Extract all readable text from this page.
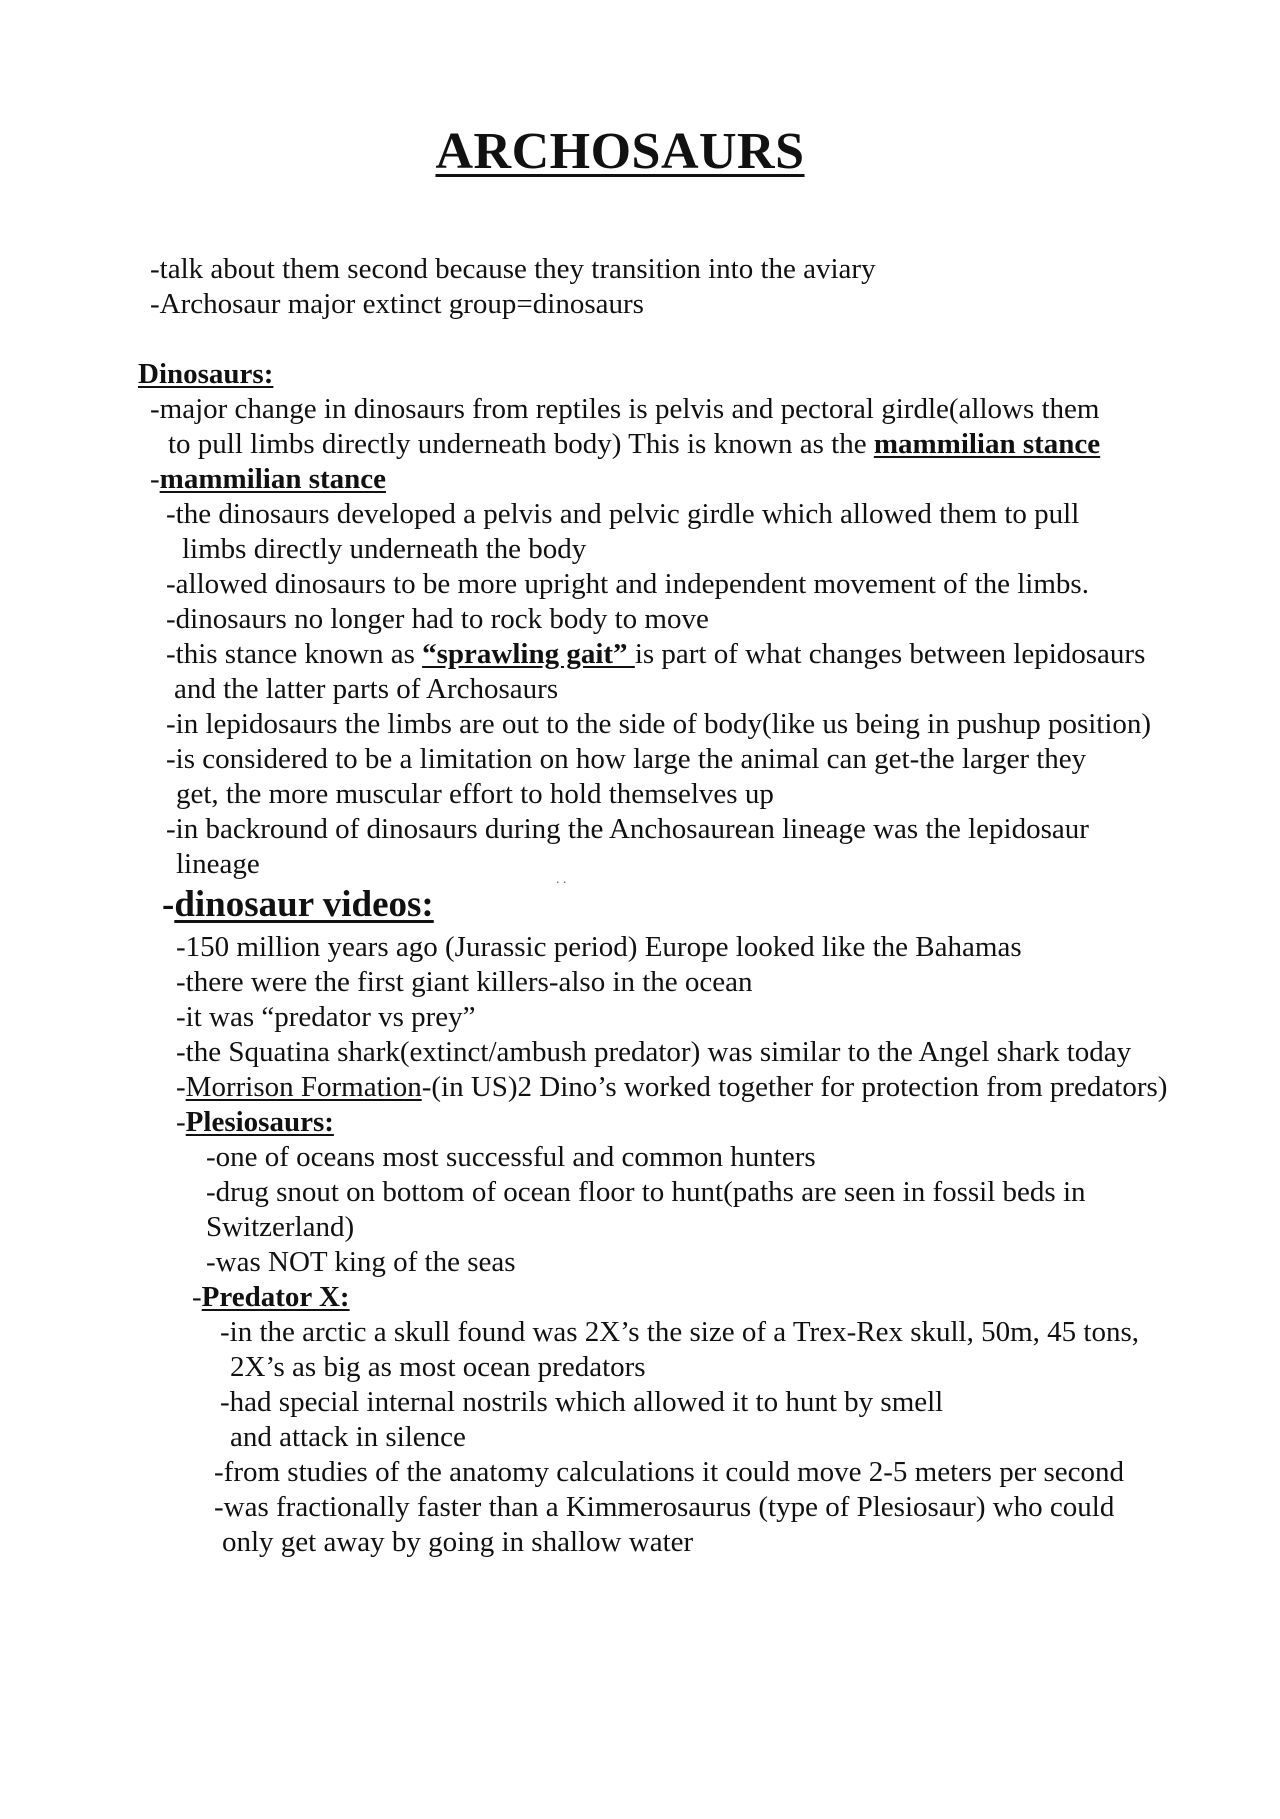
ARCHOSAURS
-talk about them second because they transition into the aviary
-Archosaur major extinct group=dinosaurs
Dinosaurs:
-major change in dinosaurs from reptiles is pelvis and pectoral girdle(allows them
to pull limbs directly underneath body) This is known as the mammilian stance
-mammilian stance
-the dinosaurs developed a pelvis and pelvic girdle which allowed them to pull
limbs directly underneath the body
-allowed dinosaurs to be more upright and independent movement of the limbs.
-dinosaurs no longer had to rock body to move
-this stance known as “sprawling gait” is part of what changes between lepidosaurs
and the latter parts of Archosaurs
-in lepidosaurs the limbs are out to the side of body(like us being in pushup position)
-is considered to be a limitation on how large the animal can get-the larger they
get, the more muscular effort to hold themselves up
-in backround of dinosaurs during the Anchosaurean lineage was the lepidosaur
lineage	. .
-dinosaur videos:
-150 million years ago (Jurassic period) Europe looked like the Bahamas
-there were the first giant killers-also in the ocean
-it was “predator vs prey”
-the Squatina shark(extinct/ambush predator) was similar to the Angel shark today
-Morrison Formation-(in US)2 Dino’s worked together for protection from predators)
-Plesiosaurs:
-one of oceans most successful and common hunters
-drug snout on bottom of ocean floor to hunt(paths are seen in fossil beds in
Switzerland)
-was NOT king of the seas
-Predator X:
-in the arctic a skull found was 2X’s the size of a Trex-Rex skull, 50m, 45 tons,
2X’s as big as most ocean predators
-had special internal nostrils which allowed it to hunt by smell
and attack in silence
-from studies of the anatomy calculations it could move 2-5 meters per second
-was fractionally faster than a Kimmerosaurus (type of Plesiosaur) who could
only get away by going in shallow water
